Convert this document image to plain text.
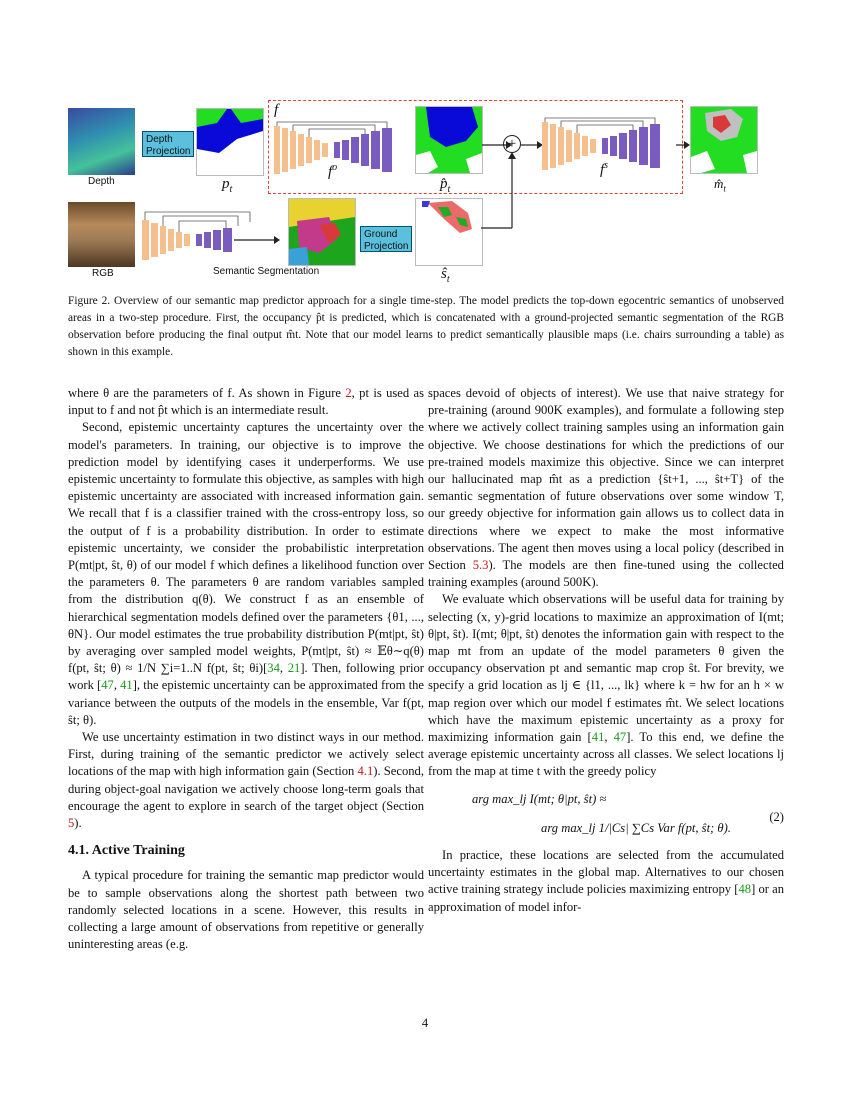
Depth
RGB
Depth Projection
$p_t$
f
$f^o$
$p̂_t$
+
$f^s$
$m̂_t$
Semantic Segmentation
Ground Projection
$ŝ_t$
Figure 2. Overview of our semantic map predictor approach for a single time-step. The model predicts the top-down egocentric semantics of unobserved areas in a two-step procedure. First, the occupancy p̂t is predicted, which is concatenated with a ground-projected semantic segmentation of the RGB observation before producing the final output m̂t. Note that our model learns to predict semantically plausible maps (i.e. chairs surrounding a table) as shown in this example.

where θ are the parameters of f. As shown in Figure 2, pt is used as input to f and not p̂t which is an intermediate result.

Second, epistemic uncertainty captures the uncertainty over the model's parameters. In training, our objective is to improve the prediction model by identifying cases it underperforms. We use epistemic uncertainty to formulate this objective, as samples with high epistemic uncertainty are associated with increased information gain. We recall that f is a classifier trained with the cross-entropy loss, so the output of f is a probability distribution. In order to estimate epistemic uncertainty, we consider the probabilistic interpretation P(mt|pt, ŝt, θ) of our model f which defines a likelihood function over the parameters θ. The parameters θ are random variables sampled from the distribution q(θ). We construct f as an ensemble of hierarchical segmentation models defined over the parameters {θ1, ..., θN}. Our model estimates the true probability distribution P(mt|pt, ŝt) by averaging over sampled model weights, P(mt|pt, ŝt) ≈ 𝔼θ∼q(θ) f(pt, ŝt; θ) ≈ 1/N ∑i=1..N f(pt, ŝt; θi)[34, 21]. Then, following prior work [47, 41], the epistemic uncertainty can be approximated from the variance between the outputs of the models in the ensemble, Var f(pt, ŝt; θ).

We use uncertainty estimation in two distinct ways in our method. First, during training of the semantic predictor we actively select locations of the map with high information gain (Section 4.1). Second, during object-goal navigation we actively choose long-term goals that encourage the agent to explore in search of the target object (Section 5).

4.1. Active Training

A typical procedure for training the semantic map predictor would be to sample observations along the shortest path between two randomly selected locations in a scene. However, this results in collecting a large amount of observations from repetitive or generally uninteresting areas (e.g.

spaces devoid of objects of interest). We use that naive strategy for pre-training (around 900K examples), and formulate a following step where we actively collect training samples using an information gain objective. We choose destinations for which the predictions of our pre-trained models maximize this objective. Since we can interpret our hallucinated map m̂t as a prediction {ŝt+1, ..., ŝt+T} of the semantic segmentation of future observations over some window T, our greedy objective for information gain allows us to collect data in directions where we expect to make the most informative observations. The agent then moves using a local policy (described in Section 5.3). The models are then fine-tuned using the collected training examples (around 500K).

We evaluate which observations will be useful data for training by selecting (x, y)-grid locations to maximize an approximation of I(mt; θ|pt, ŝt). I(mt; θ|pt, ŝt) denotes the information gain with respect to the map mt from an update of the model parameters θ given the occupancy observation pt and semantic map crop ŝt. For brevity, we specify a grid location as lj ∈ {l1, ..., lk} where k = hw for an h × w map region over which our model f estimates m̂t. We select locations which have the maximum epistemic uncertainty as a proxy for maximizing information gain [41, 47]. To this end, we define the average epistemic uncertainty across all classes. We select locations lj from the map at time t with the greedy policy

arg max_lj I(mt; θ|pt, ŝt) ≈
arg max_lj 1/|Cs| ∑Cs Var f(pt, ŝt; θ).
(2)

In practice, these locations are selected from the accumulated uncertainty estimates in the global map. Alternatives to our chosen active training strategy include policies maximizing entropy [48] or an approximation of model infor-

4
